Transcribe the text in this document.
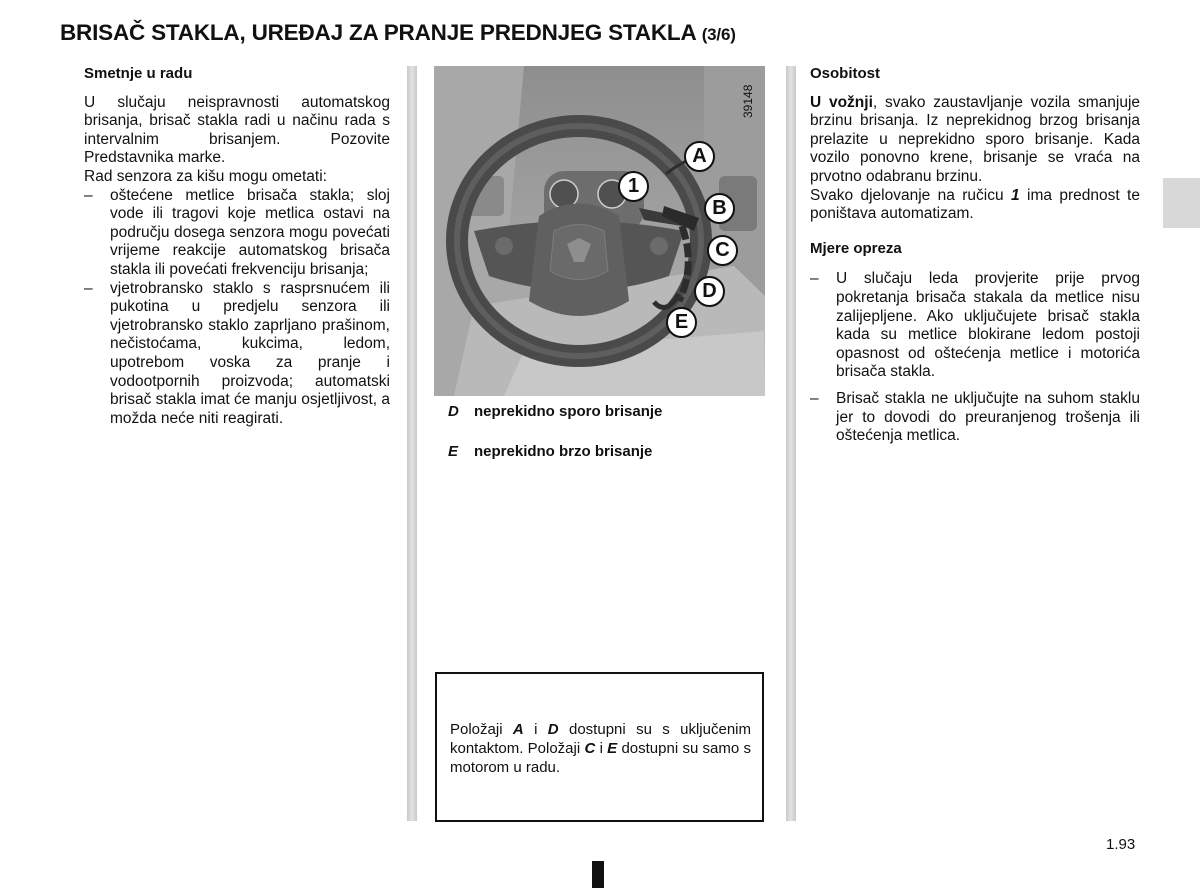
BRISAČ STAKLA, UREĐAJ ZA PRANJE PREDNJEG STAKLA (3/6)
Smetnje u radu

U slučaju neispravnosti automatskog brisanja, brisač stakla radi u načinu rada s intervalnim brisanjem. Pozovite Predstavnika marke.

Rad senzora za kišu mogu ometati:

– oštećene metlice brisača stakla; sloj vode ili tragovi koje metlica ostavi na području dosega senzora mogu povećati vrijeme reakcije automatskog brisača stakla ili povećati frekvenciju brisanja;
– vjetrobransko staklo s rasprsnućem ili pukotina u predjelu senzora ili vjetrobransko staklo zaprljano prašinom, nečistoćama, kukcima, ledom, upotrebom voska za pranje i vodootpornih proizvoda; automatski brisač stakla imat će manju osjetljivost, a možda neće niti reagirati.
A
1
B
C
D
E
39148
D neprekidno sporo brisanje
E neprekidno brzo brisanje
Položaji A i D dostupni su s uključenim kontaktom. Položaji C i E dostupni su samo s motorom u radu.
Osobitost

U vožnji, svako zaustavljanje vozila smanjuje brzinu brisanja. Iz neprekidnog brzog brisanja prelazite u neprekidno sporo brisanje. Kada vozilo ponovno krene, brisanje se vraća na prvotno odabranu brzinu.

Svako djelovanje na ručicu 1 ima prednost te poništava automatizam.

Mjere opreza
– U slučaju leda provjerite prije prvog pokretanja brisača stakala da metlice nisu zalijepljene. Ako uključujete brisač stakla kada su metlice blokirane ledom postoji opasnost od oštećenja metlice i motorića brisača stakla.
– Brisač stakla ne uključujte na suhom staklu jer to dovodi do preuranjenog trošenja ili oštećenja metlica.
1.93
